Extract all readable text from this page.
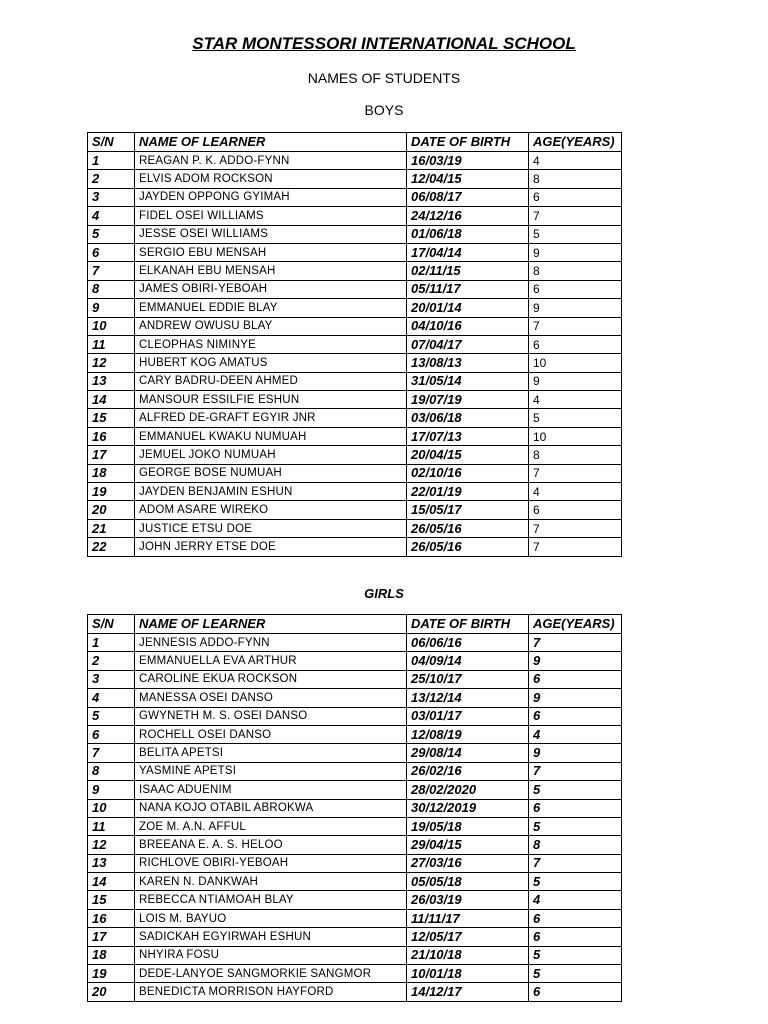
STAR MONTESSORI INTERNATIONAL SCHOOL
NAMES OF STUDENTS
BOYS
S/N	NAME OF LEARNER	DATE OF BIRTH	AGE(YEARS)
1	REAGAN P. K. ADDO-FYNN	16/03/19	4
2	ELVIS ADOM ROCKSON	12/04/15	8
3	JAYDEN OPPONG GYIMAH	06/08/17	6
4	FIDEL OSEI WILLIAMS	24/12/16	7
5	JESSE OSEI WILLIAMS	01/06/18	5
6	SERGIO EBU MENSAH	17/04/14	9
7	ELKANAH EBU MENSAH	02/11/15	8
8	JAMES OBIRI-YEBOAH	05/11/17	6
9	EMMANUEL EDDIE BLAY	20/01/14	9
10	ANDREW OWUSU BLAY	04/10/16	7
11	CLEOPHAS NIMINYE	07/04/17	6
12	HUBERT KOG AMATUS	13/08/13	10
13	CARY BADRU-DEEN AHMED	31/05/14	9
14	MANSOUR ESSILFIE ESHUN	19/07/19	4
15	ALFRED DE-GRAFT EGYIR JNR	03/06/18	5
16	EMMANUEL KWAKU NUMUAH	17/07/13	10
17	JEMUEL JOKO NUMUAH	20/04/15	8
18	GEORGE BOSE NUMUAH	02/10/16	7
19	JAYDEN BENJAMIN ESHUN	22/01/19	4
20	ADOM ASARE WIREKO	15/05/17	6
21	JUSTICE ETSU DOE	26/05/16	7
22	JOHN JERRY ETSE DOE	26/05/16	7
GIRLS
S/N	NAME OF LEARNER	DATE OF BIRTH	AGE(YEARS)
1	JENNESIS ADDO-FYNN	06/06/16	7
2	EMMANUELLA EVA ARTHUR	04/09/14	9
3	CAROLINE EKUA ROCKSON	25/10/17	6
4	MANESSA OSEI DANSO	13/12/14	9
5	GWYNETH M. S. OSEI DANSO	03/01/17	6
6	ROCHELL OSEI DANSO	12/08/19	4
7	BELITA APETSI	29/08/14	9
8	YASMINE APETSI	26/02/16	7
9	ISAAC ADUENIM	28/02/2020	5
10	NANA KOJO OTABIL ABROKWA	30/12/2019	6
11	ZOE M. A.N. AFFUL	19/05/18	5
12	BREEANA E. A. S. HELOO	29/04/15	8
13	RICHLOVE OBIRI-YEBOAH	27/03/16	7
14	KAREN N. DANKWAH	05/05/18	5
15	REBECCA NTIAMOAH BLAY	26/03/19	4
16	LOIS M. BAYUO	11/11/17	6
17	SADICKAH EGYIRWAH ESHUN	12/05/17	6
18	NHYIRA FOSU	21/10/18	5
19	DEDE-LANYOE SANGMORKIE SANGMOR	10/01/18	5
20	BENEDICTA MORRISON HAYFORD	14/12/17	6
